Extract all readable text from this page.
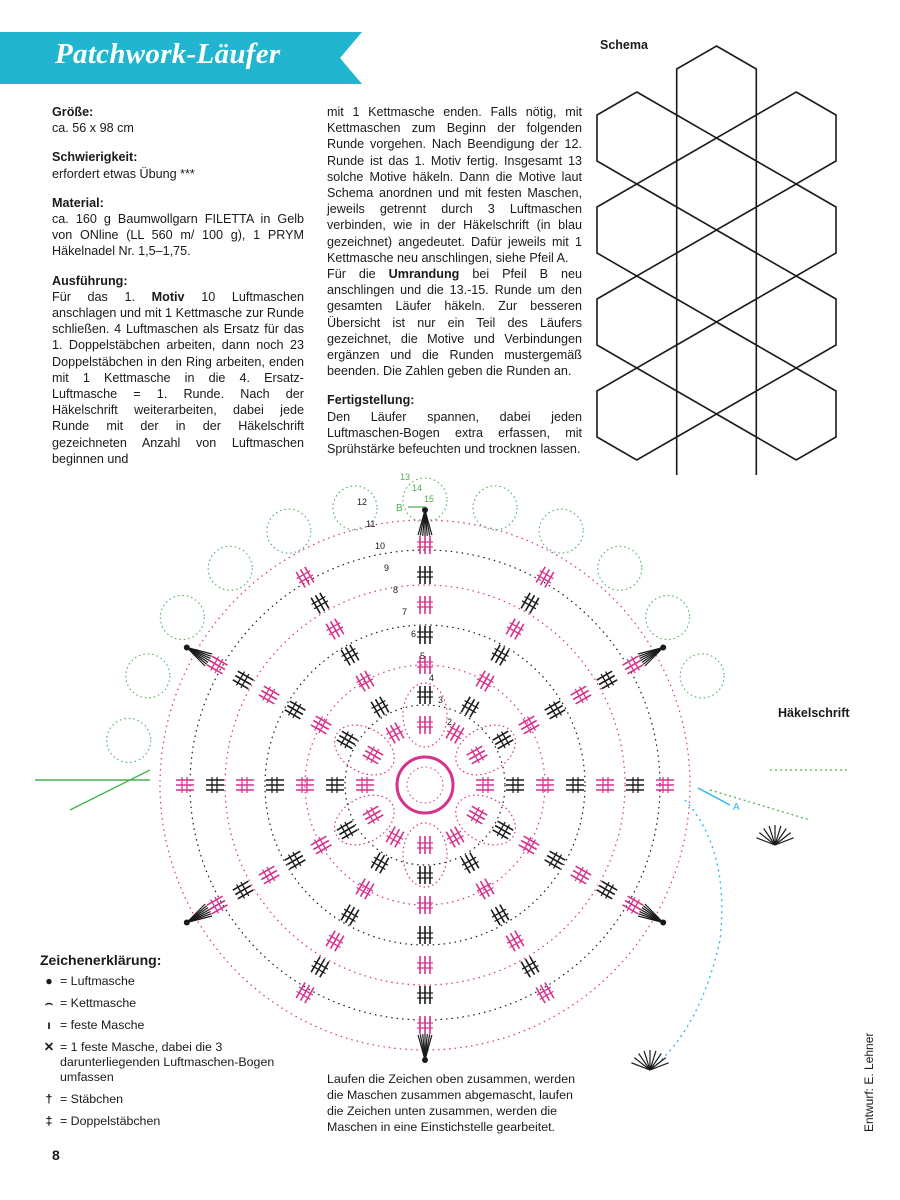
Patchwork-Läufer

Größe:
ca. 56 x 98 cm

Schwierigkeit:
erfordert etwas Übung ***

Material:
ca. 160 g Baumwollgarn FILETTA in Gelb von ONline (LL 560 m/ 100 g), 1 PRYM Häkelnadel Nr. 1,5–1,75.

Ausführung:
Für das 1. Motiv 10 Luftmaschen anschlagen und mit 1 Kettmasche zur Runde schließen. 4 Luftmaschen als Ersatz für das 1. Doppelstäbchen arbeiten, dann noch 23 Doppelstäbchen in den Ring arbeiten, enden mit 1 Kettmasche in die 4. Ersatz-Luftmasche = 1. Runde. Nach der Häkelschrift weiterarbeiten, dabei jede Runde mit der in der Häkelschrift gezeichneten Anzahl von Luftmaschen beginnen und

mit 1 Kettmasche enden. Falls nötig, mit Kettmaschen zum Beginn der folgenden Runde vorgehen. Nach Beendigung der 12. Runde ist das 1. Motiv fertig. Insgesamt 13 solche Motive häkeln. Dann die Motive laut Schema anordnen und mit festen Maschen, jeweils getrennt durch 3 Luftmaschen verbinden, wie in der Häkelschrift (in blau gezeichnet) angedeutet. Dafür jeweils mit 1 Kettmasche neu anschlingen, siehe Pfeil A.

Für die Umrandung bei Pfeil B neu anschlingen und die 13.-15. Runde um den gesamten Läufer häkeln. Zur besseren Übersicht ist nur ein Teil des Läufers gezeichnet, die Motive und Verbindungen ergänzen und die Runden mustergemäß beenden. Die Zahlen geben die Runden an.

Fertigstellung:
Den Läufer spannen, dabei jeden Luftmaschen-Bogen extra erfassen, mit Sprühstärke befeuchten und trocknen lassen.

Schema
Häkelschrift
2
3
4
5
6
7
8
9
10
11
12
13
14
15
A
B
Zeichenerklärung:
● = Luftmasche
⌢ = Kettmasche
ı = feste Masche
✕ = 1 feste Masche, dabei die 3 darunterliegenden Luftmaschen-Bogen umfassen
† = Stäbchen
‡ = Doppelstäbchen
Laufen die Zeichen oben zusammen, werden die Maschen zusammen abgemascht, laufen die Zeichen unten zusammen, werden die Maschen in eine Einstichstelle gearbeitet.
8
Entwurf: E. Lehner
